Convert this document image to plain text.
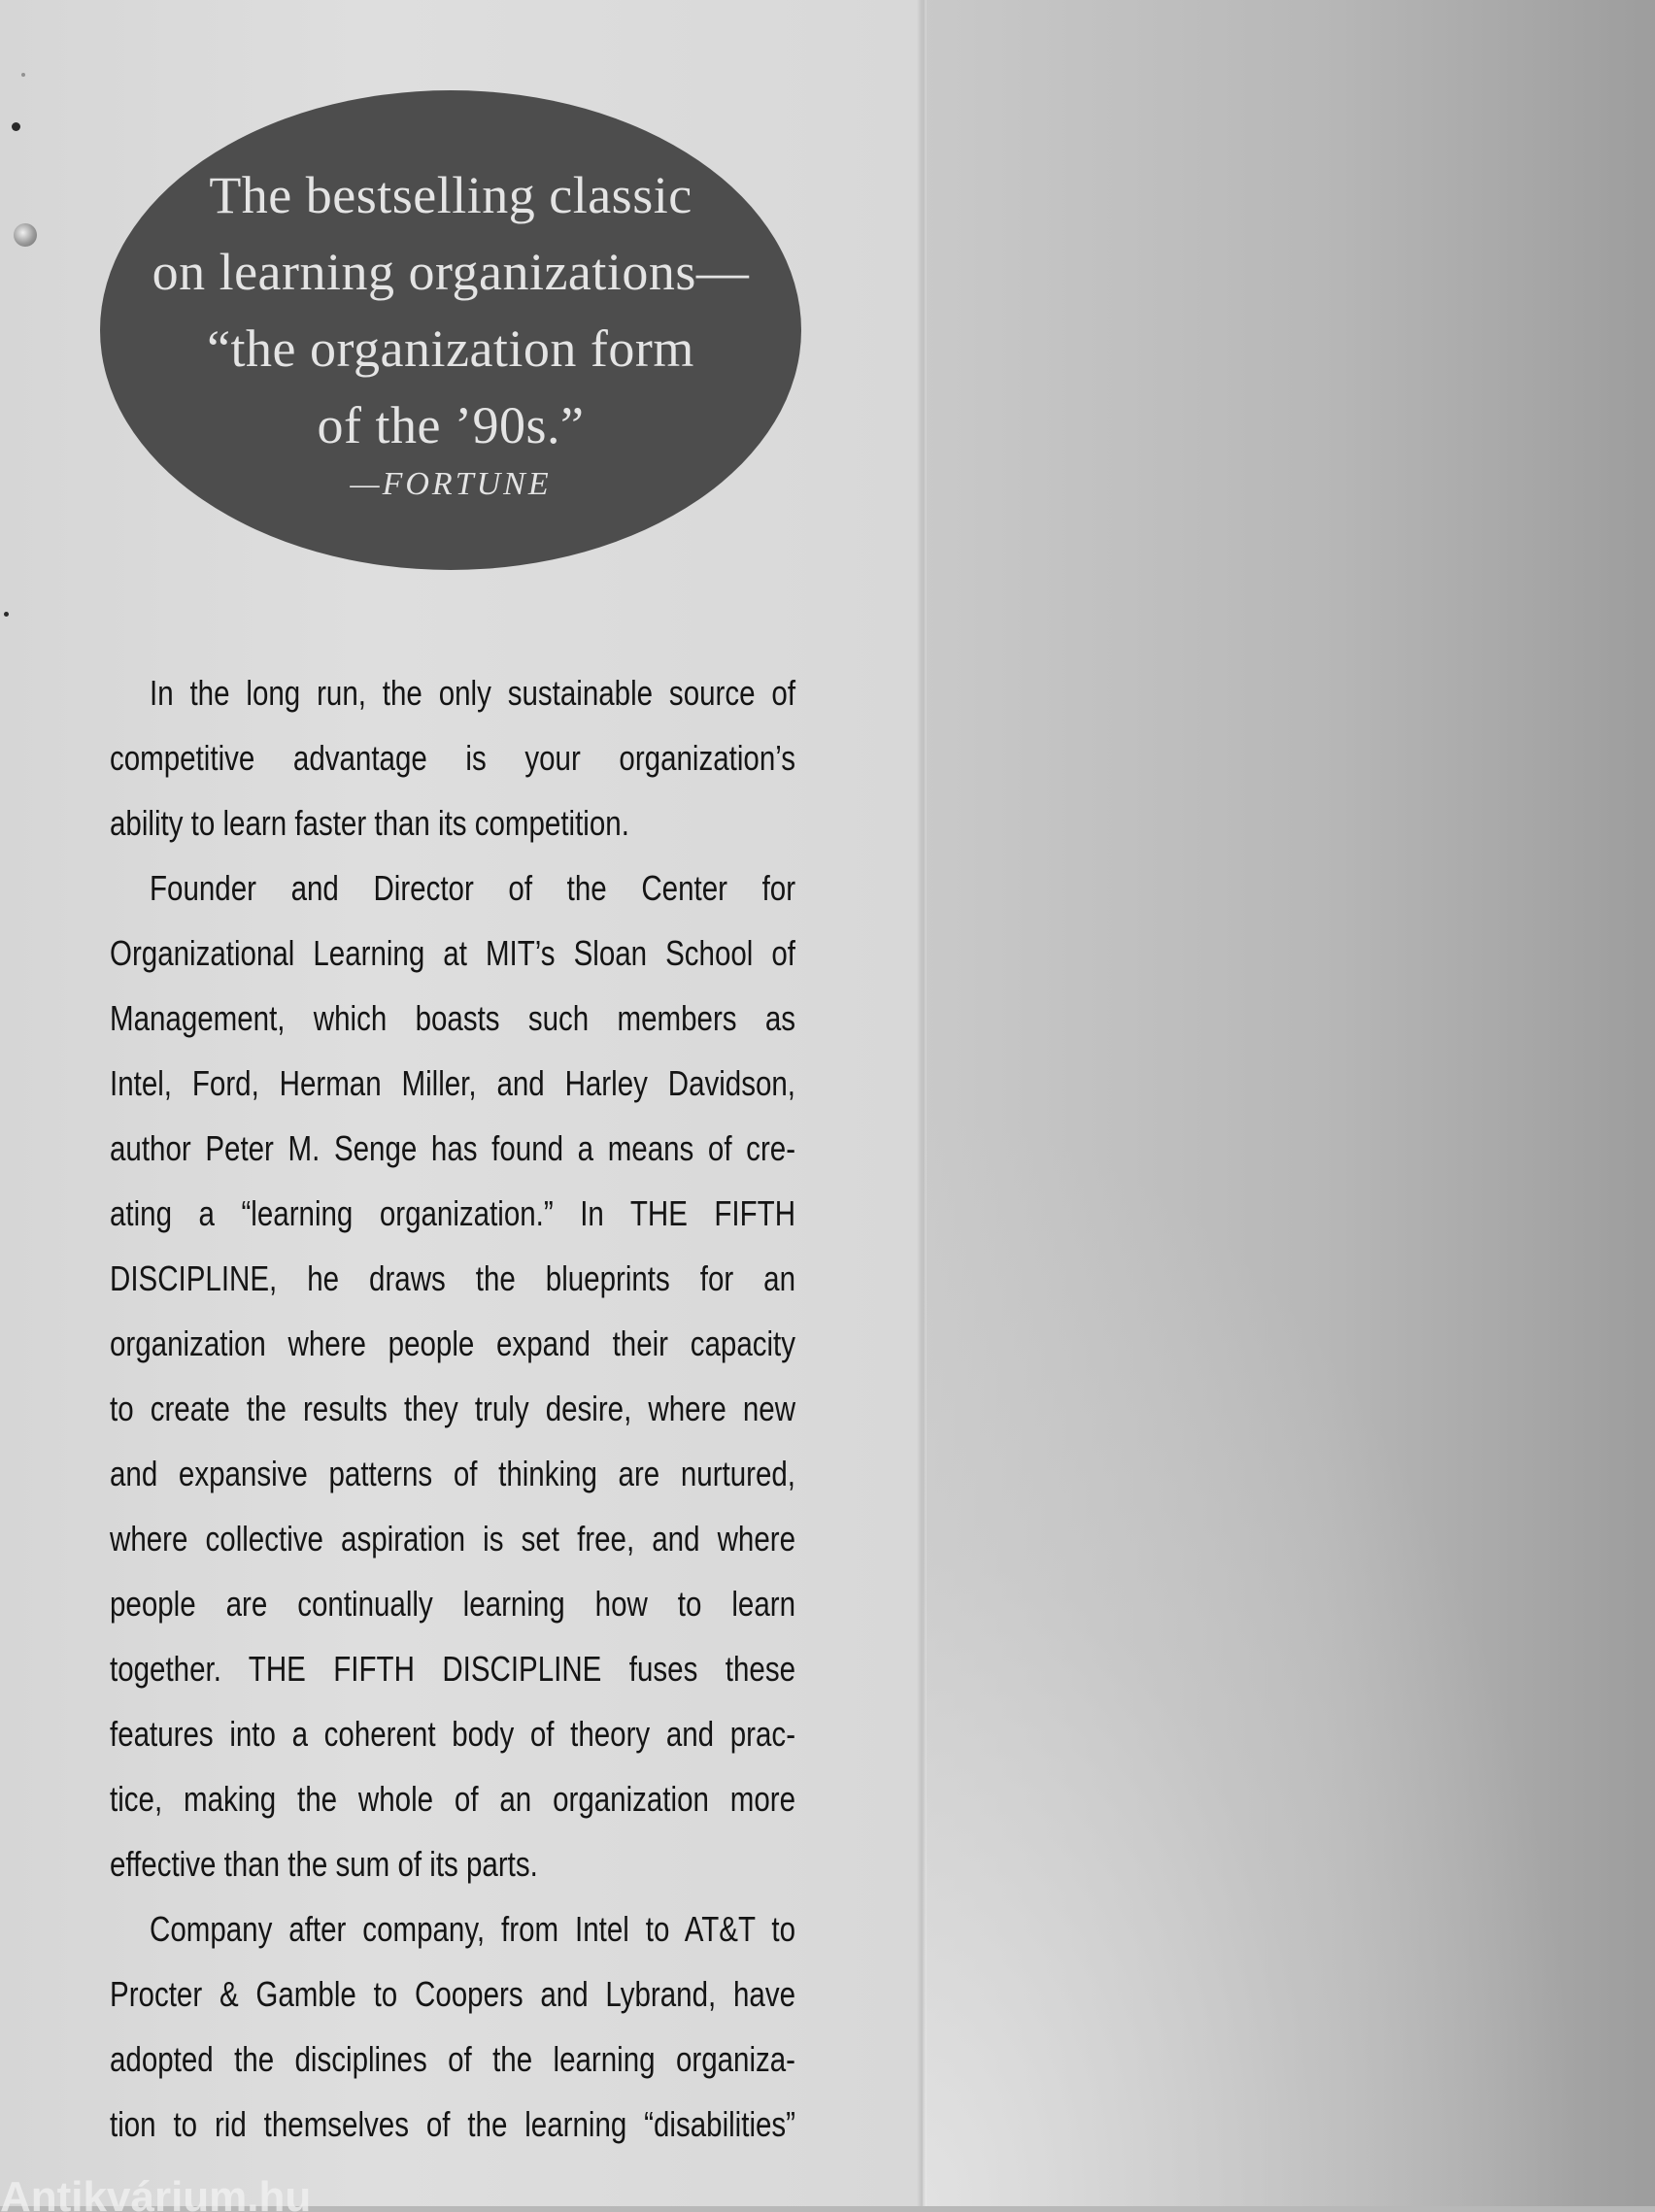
The bestselling classic
on learning organizations—
“the organization form
of the ’90s.”
—FORTUNE
In the long run, the only sustainable source of
competitive advantage is your organization’s
ability to learn faster than its competition.
Founder and Director of the Center for
Organizational Learning at MIT’s Sloan School of
Management, which boasts such members as
Intel, Ford, Herman Miller, and Harley Davidson,
author Peter M. Senge has found a means of cre-
ating a “learning organization.” In THE FIFTH
DISCIPLINE, he draws the blueprints for an
organization where people expand their capacity
to create the results they truly desire, where new
and expansive patterns of thinking are nurtured,
where collective aspiration is set free, and where
people are continually learning how to learn
together. THE FIFTH DISCIPLINE fuses these
features into a coherent body of theory and prac-
tice, making the whole of an organization more
effective than the sum of its parts.
Company after company, from Intel to AT&T to
Procter & Gamble to Coopers and Lybrand, have
adopted the disciplines of the learning organiza-
tion to rid themselves of the learning “disabilities”
Antikvárium.hu
